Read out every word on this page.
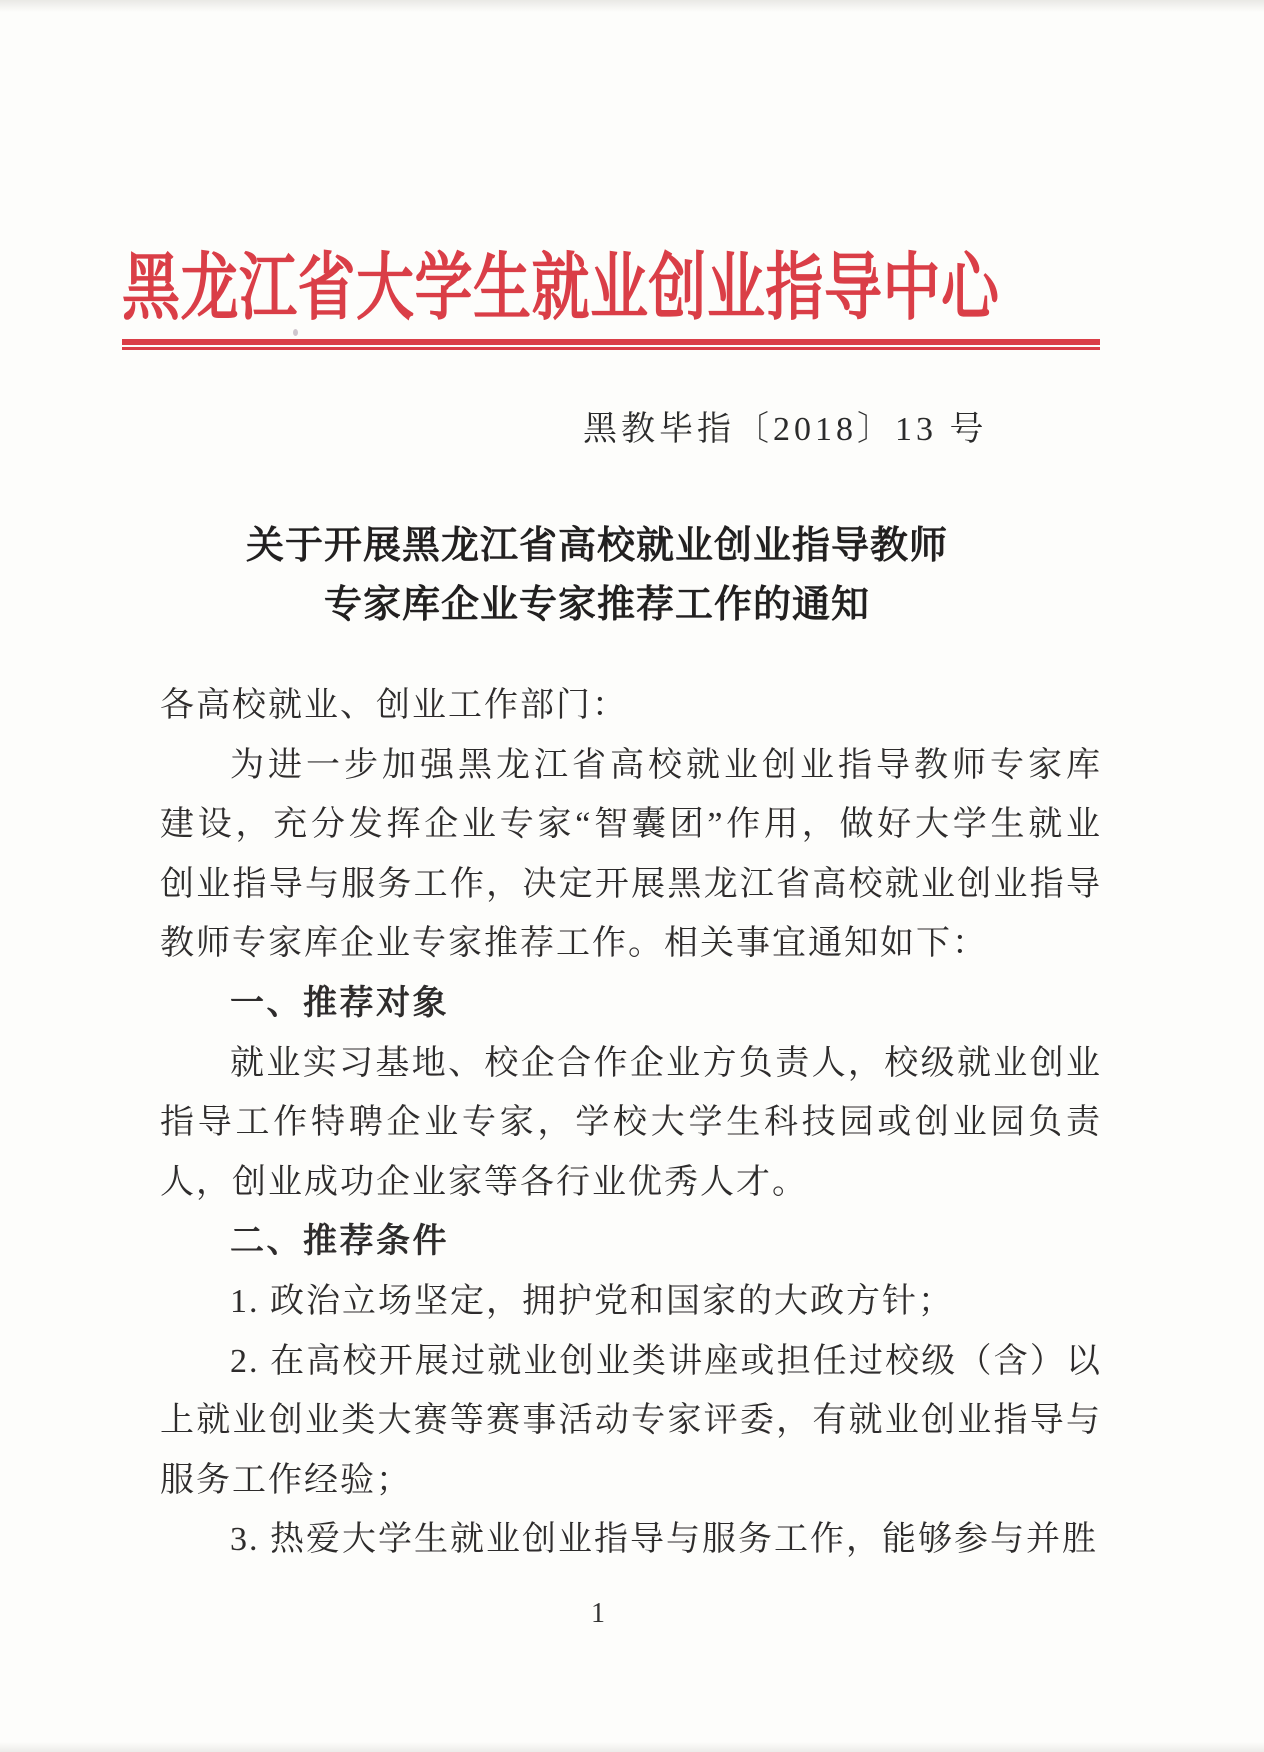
黑龙江省大学生就业创业指导中心
黑教毕指〔2018〕13 号
关于开展黑龙江省高校就业创业指导教师
专家库企业专家推荐工作的通知
各高校就业、创业工作部门：
为进一步加强黑龙江省高校就业创业指导教师专家库
建设，充分发挥企业专家“智囊团”作用，做好大学生就业
创业指导与服务工作，决定开展黑龙江省高校就业创业指导
教师专家库企业专家推荐工作。相关事宜通知如下：
一、推荐对象
就业实习基地、校企合作企业方负责人，校级就业创业
指导工作特聘企业专家，学校大学生科技园或创业园负责
人，创业成功企业家等各行业优秀人才。
二、推荐条件
1. 政治立场坚定，拥护党和国家的大政方针；
2. 在高校开展过就业创业类讲座或担任过校级（含）以
上就业创业类大赛等赛事活动专家评委，有就业创业指导与
服务工作经验；
3. 热爱大学生就业创业指导与服务工作，能够参与并胜
1
